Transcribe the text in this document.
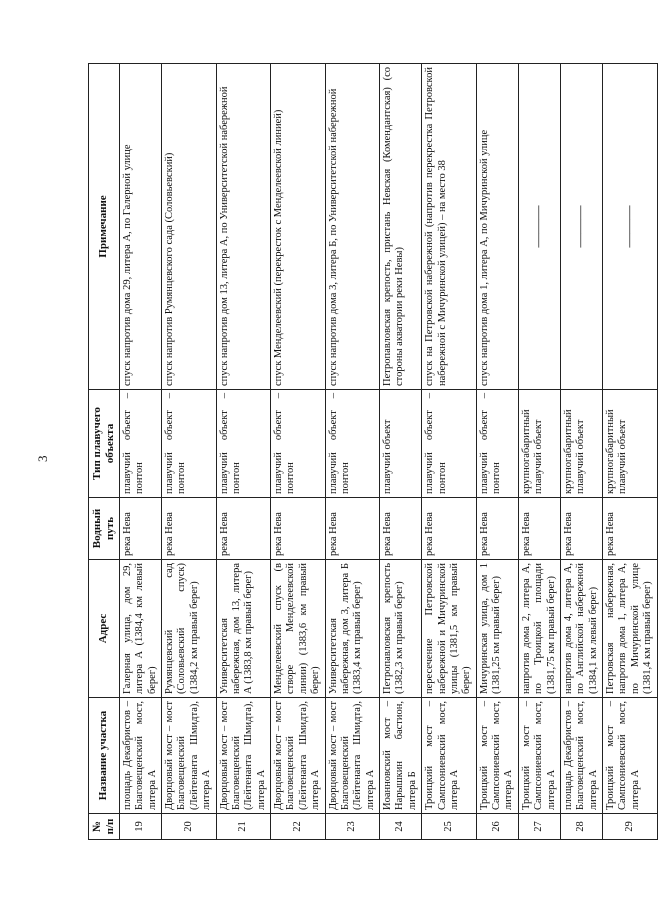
3
№ п/п	Название участка	Адрес	Водный путь	Тип плавучего объекта	Примечание
19	площадь Декабристов – Благовещенский мост, литера А	Галерная улица, дом 29, литера А (1384,4 км левый берег)	река Нева	плавучий объект – понтон	спуск напротив дома 29, литера А, по Галерной улице
20	Дворцовый мост – мост Благовещенский (Лейтенанта Шмидта), литера А	Румянцевский сад (Соловьевский спуск) (1384,2 км правый берег)	река Нева	плавучий объект – понтон	спуск напротив Румянцевского сада (Соловьевский)
21	Дворцовый мост – мост Благовещенский (Лейтенанта Шмидта), литера А	Университетская набережная, дом 13, литера А (1383,8 км правый берег)	река Нева	плавучий объект – понтон	спуск напротив дом 13, литера А, по Университетской набережной
22	Дворцовый мост – мост Благовещенский (Лейтенанта Шмидта), литера А	Менделеевский спуск (в створе Менделеевской линии) (1383,6 км правый берег)	река Нева	плавучий объект – понтон	спуск Менделеевский (перекресток с Менделеевской линией)
23	Дворцовый мост – мост Благовещенский (Лейтенанта Шмидта), литера А	Университетская набережная, дом 3, литера Б (1383,4 км правый берег)	река Нева	плавучий объект – понтон	спуск напротив дома 3, литера Б, по Университетской набережной
24	Иоанновский мост – Нарышкин бастион, литера Б	Петропавловская крепость (1382,3 км правый берег)	река Нева	плавучий объект	Петропавловская крепость, пристань Невская (Комендантская) (со стороны акватории реки Невы)
25	Троицкий мост – Сампсониевский мост, литера А	пересечение Петровской набережной и Мичуринской улицы (1381,5 км правый берег)	река Нева	плавучий объект – понтон	спуск на Петровской набережной (напротив перекрестка Петровской набережной с Мичуринской улицей) – на место 38
26	Троицкий мост – Сампсониевский мост, литера А	Мичуринская улица, дом 1 (1381,25 км правый берег)	река Нева	плавучий объект – понтон	спуск напротив дома 1, литера А, по Мичуринской улице
27	Троицкий мост – Сампсониевский мост, литера А	напротив дома 2, литера А, по Троицкой площади (1381,75 км правый берег)	река Нева	крупногабаритный плавучий объект	———
28	площадь Декабристов – Благовещенский мост, литера А	напротив дома 4, литера А, по Английской набережной (1384,1 км левый берег)	река Нева	крупногабаритный плавучий объект	———
29	Троицкий мост – Сампсониевский мост, литера А	Петровская набережная, напротив дома 1, литера А, по Мичуринской улице (1381,4 км правый берег)	река Нева	крупногабаритный плавучий объект	———
